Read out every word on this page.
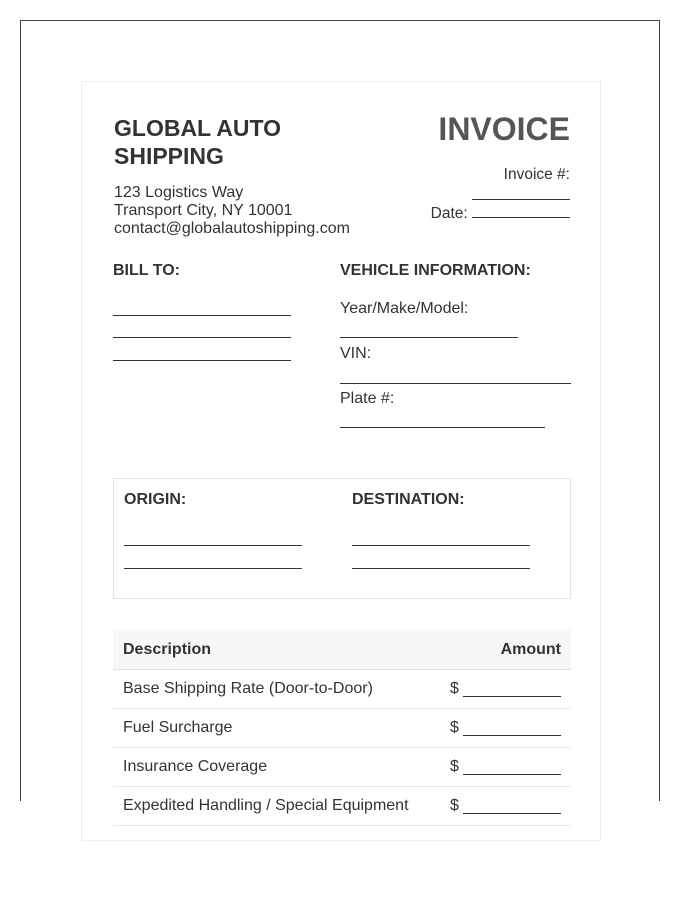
GLOBAL AUTO
SHIPPING
123 Logistics Way
Transport City, NY 10001
contact@globalautoshipping.com
INVOICE
Invoice #:
Date:
BILL TO:	VEHICLE INFORMATION:
Year/Make/Model:
VIN:
Plate #:
ORIGIN:	DESTINATION:
Description	Amount
Base Shipping Rate (Door-to-Door)	$
Fuel Surcharge	$
Insurance Coverage	$
Expedited Handling / Special Equipment	$
